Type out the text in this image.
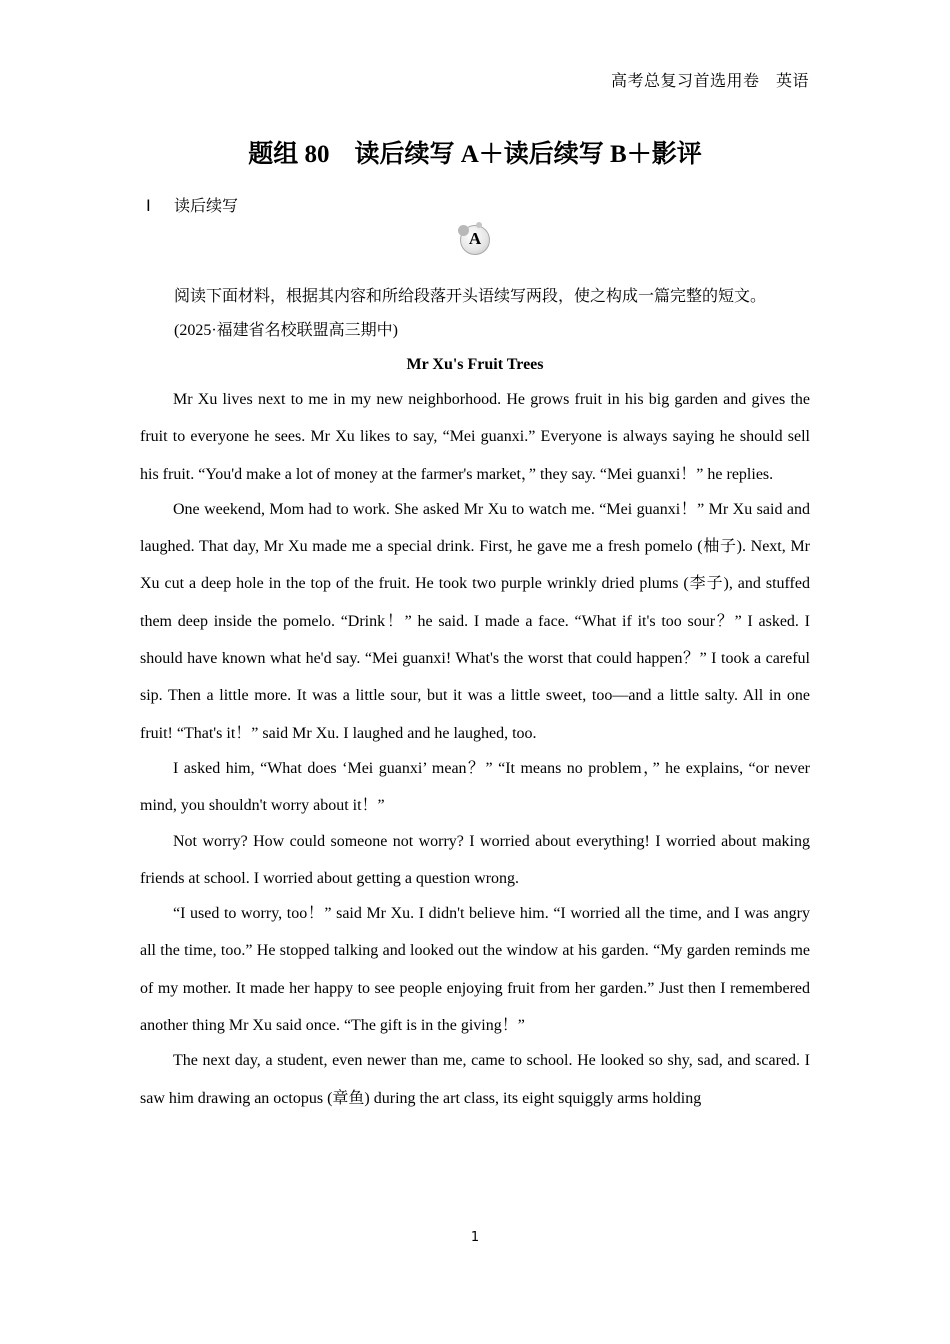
高考总复习首选用卷　英语
题组 80　读后续写 A＋读后续写 B＋影评
Ⅰ 读后续写
A
阅读下面材料，根据其内容和所给段落开头语续写两段，使之构成一篇完整的短文。
(2025·福建省名校联盟高三期中)
Mr Xu's Fruit Trees

Mr Xu lives next to me in my new neighborhood. He grows fruit in his big garden and gives the fruit to everyone he sees. Mr Xu likes to say, “Mei guanxi.” Everyone is always saying he should sell his fruit. “You'd make a lot of money at the farmer's market，” they say. “Mei guanxi！” he replies.

One weekend, Mom had to work. She asked Mr Xu to watch me. “Mei guanxi！” Mr Xu said and laughed. That day, Mr Xu made me a special drink. First, he gave me a fresh pomelo (柚子). Next, Mr Xu cut a deep hole in the top of the fruit. He took two purple wrinkly dried plums (李子), and stuffed them deep inside the pomelo. “Drink！” he said. I made a face. “What if it's too sour？” I asked. I should have known what he'd say. “Mei guanxi! What's the worst that could happen？” I took a careful sip. Then a little more. It was a little sour, but it was a little sweet, too—and a little salty. All in one fruit! “That's it！” said Mr Xu. I laughed and he laughed, too.

I asked him, “What does ‘Mei guanxi’ mean？” “It means no problem，” he explains, “or never mind, you shouldn't worry about it！”

Not worry? How could someone not worry? I worried about everything! I worried about making friends at school. I worried about getting a question wrong.

“I used to worry, too！” said Mr Xu. I didn't believe him. “I worried all the time, and I was angry all the time, too.” He stopped talking and looked out the window at his garden. “My garden reminds me of my mother. It made her happy to see people enjoying fruit from her garden.” Just then I remembered another thing Mr Xu said once. “The gift is in the giving！”

The next day, a student, even newer than me, came to school. He looked so shy, sad, and scared. I saw him drawing an octopus (章鱼) during the art class, its eight squiggly arms holding

1
